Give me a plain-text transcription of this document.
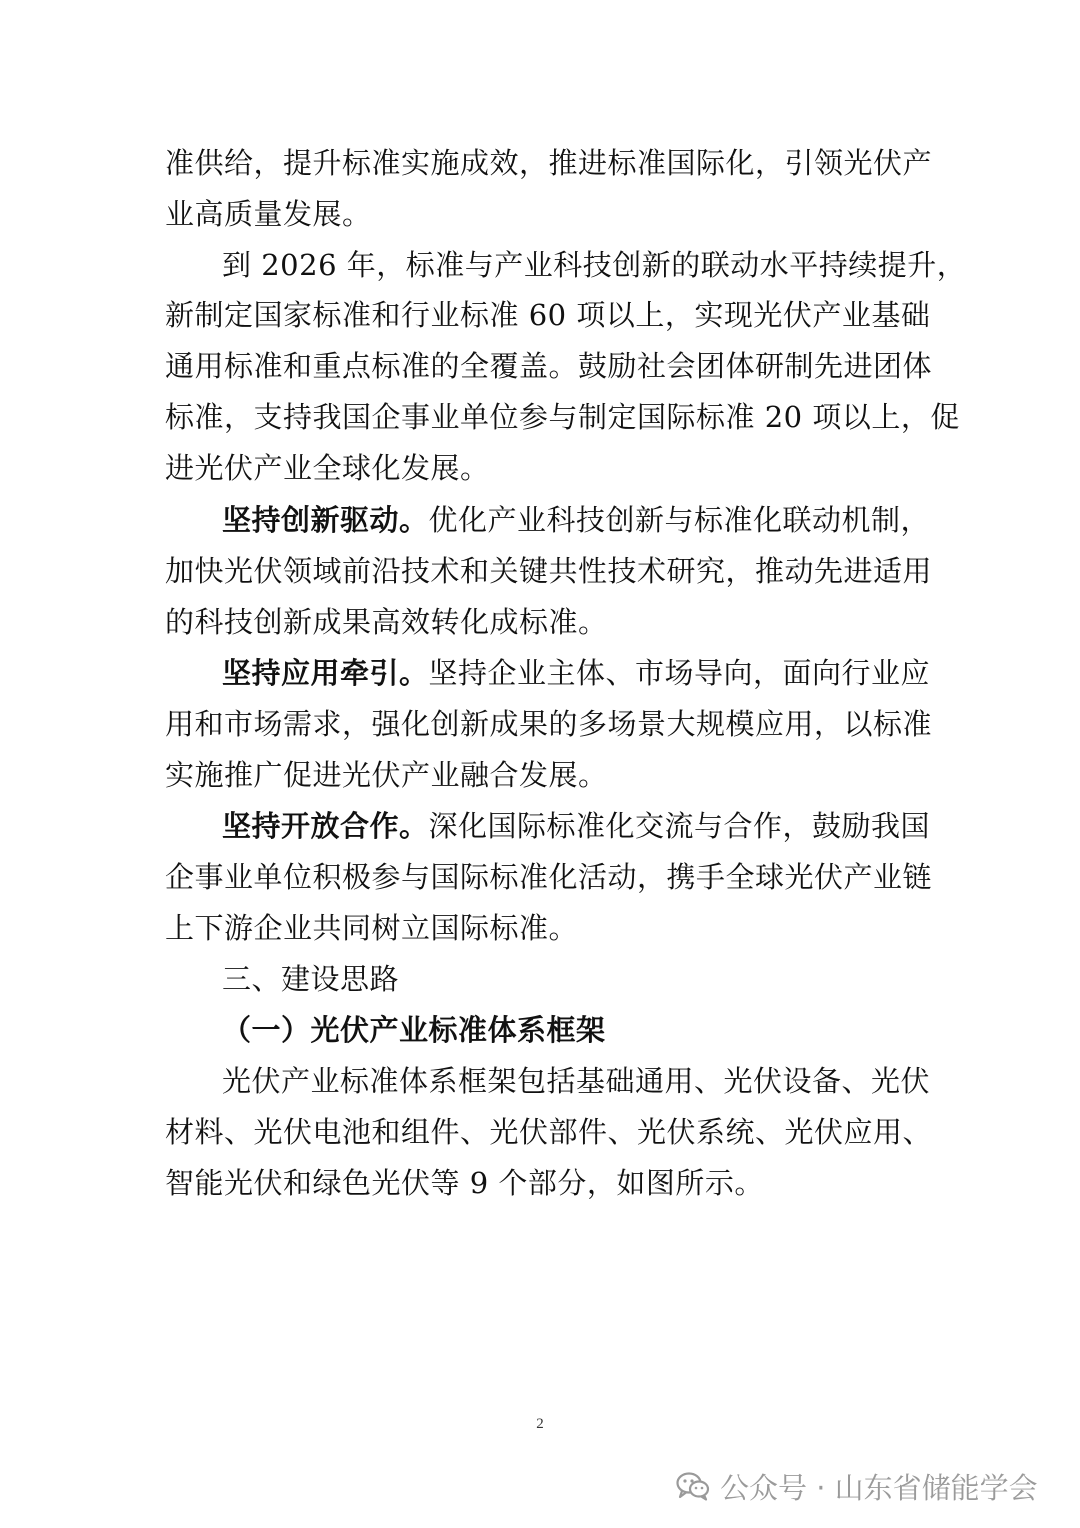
准供给，提升标准实施成效，推进标准国际化，引领光伏产
业高质量发展。
到 2026 年，标准与产业科技创新的联动水平持续提升，
新制定国家标准和行业标准 60 项以上，实现光伏产业基础
通用标准和重点标准的全覆盖。鼓励社会团体研制先进团体
标准，支持我国企事业单位参与制定国际标准 20 项以上，促
进光伏产业全球化发展。
坚持创新驱动。优化产业科技创新与标准化联动机制，
加快光伏领域前沿技术和关键共性技术研究，推动先进适用
的科技创新成果高效转化成标准。
坚持应用牵引。坚持企业主体、市场导向，面向行业应
用和市场需求，强化创新成果的多场景大规模应用，以标准
实施推广促进光伏产业融合发展。
坚持开放合作。深化国际标准化交流与合作，鼓励我国
企事业单位积极参与国际标准化活动，携手全球光伏产业链
上下游企业共同树立国际标准。
三、建设思路
（一）光伏产业标准体系框架
光伏产业标准体系框架包括基础通用、光伏设备、光伏
材料、光伏电池和组件、光伏部件、光伏系统、光伏应用、
智能光伏和绿色光伏等 9 个部分，如图所示。
2
公众号 · 山东省储能学会
